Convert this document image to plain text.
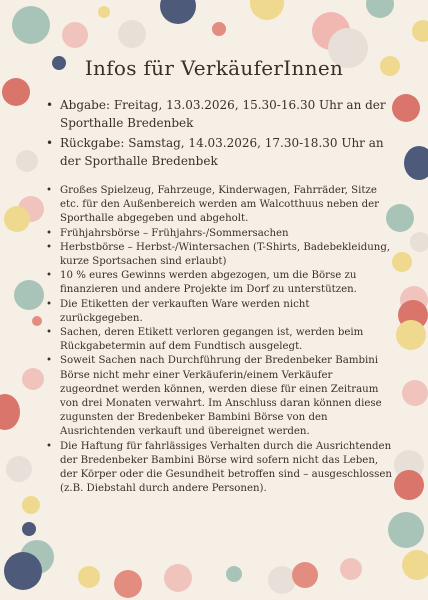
Infos für VerkäuferInnen
• Abgabe: Freitag, 13.03.2026, 15.30-16.30 Uhr an der Sporthalle Bredenbek
• Rückgabe: Samstag, 14.03.2026, 17.30-18.30 Uhr an der Sporthalle Bredenbek
• Großes Spielzeug, Fahrzeuge, Kinderwagen, Fahrräder, Sitze etc. für den Außenbereich werden am Walcotthuus neben der Sporthalle abgegeben und abgeholt.
• Frühjahrsbörse – Frühjahrs-/Sommersachen
• Herbstbörse – Herbst-/Wintersachen (T-Shirts, Badebekleidung, kurze Sportsachen sind erlaubt)
• 10 % eures Gewinns werden abgezogen, um die Börse zu finanzieren und andere Projekte im Dorf zu unterstützen.
• Die Etiketten der verkauften Ware werden nicht zurückgegeben.
• Sachen, deren Etikett verloren gegangen ist, werden beim Rückgabetermin auf dem Fundtisch ausgelegt.
• Soweit Sachen nach Durchführung der Bredenbeker Bambini Börse nicht mehr einer Verkäuferin/einem Verkäufer zugeordnet werden können, werden diese für einen Zeitraum von drei Monaten verwahrt. Im Anschluss daran können diese zugunsten der Bredenbeker Bambini Börse von den Ausrichtenden verkauft und übereignet werden.
• Die Haftung für fahrlässiges Verhalten durch die Ausrichtenden der Bredenbeker Bambini Börse wird sofern nicht das Leben, der Körper oder die Gesundheit betroffen sind – ausgeschlossen (z.B. Diebstahl durch andere Personen).
